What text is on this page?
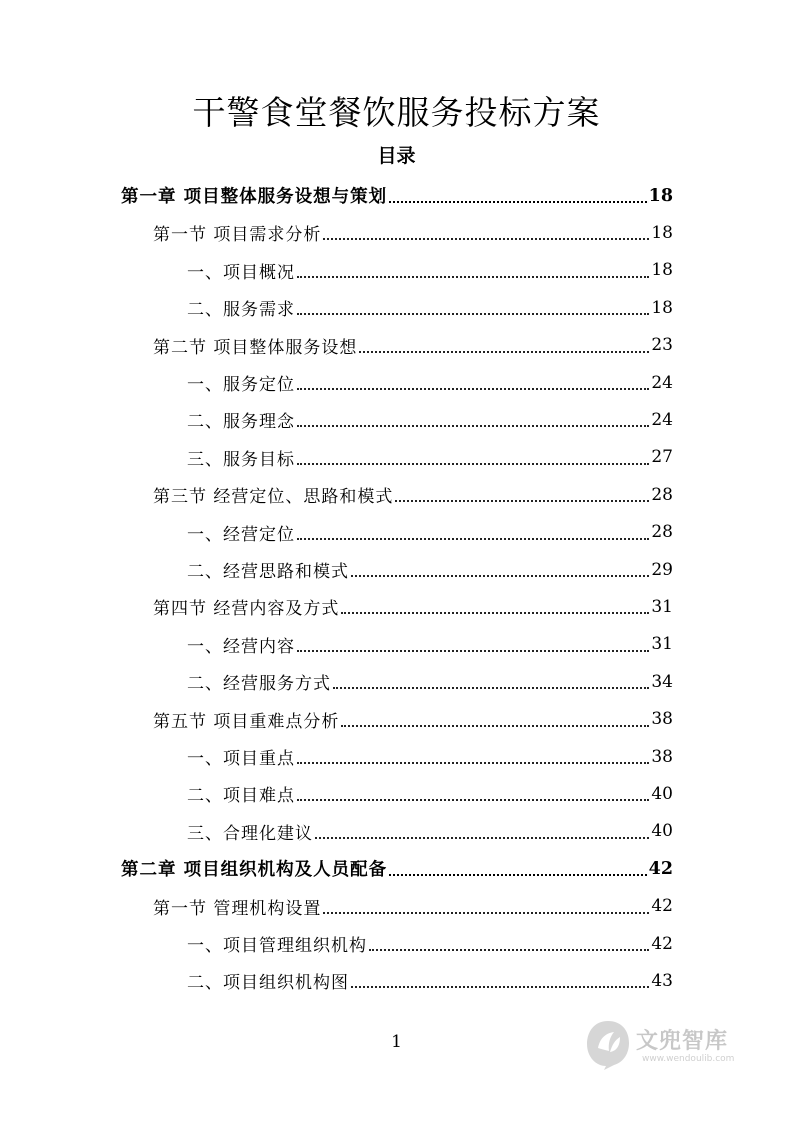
干警食堂餐饮服务投标方案
目录
第一章 项目整体服务设想与策划	18
第一节 项目需求分析	18
一、项目概况	18
二、服务需求	18
第二节 项目整体服务设想	23
一、服务定位	24
二、服务理念	24
三、服务目标	27
第三节 经营定位、思路和模式	28
一、经营定位	28
二、经营思路和模式	29
第四节 经营内容及方式	31
一、经营内容	31
二、经营服务方式	34
第五节 项目重难点分析	38
一、项目重点	38
二、项目难点	40
三、合理化建议	40
第二章 项目组织机构及人员配备	42
第一节 管理机构设置	42
一、项目管理组织机构	42
二、项目组织机构图	43
1	文兜智库
www.wendoulib.com
